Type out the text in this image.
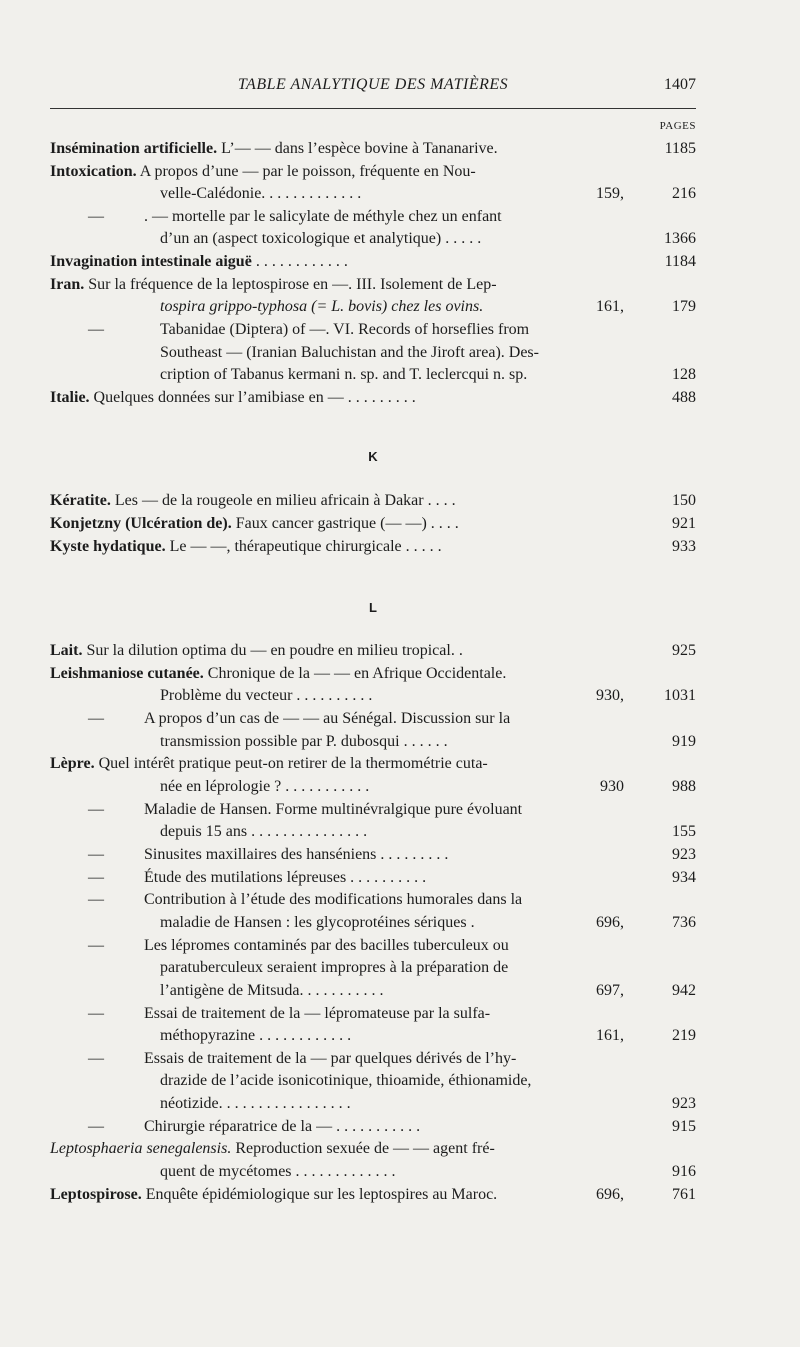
TABLE ANALYTIQUE DES MATIÈRES	1407
PAGES
Insémination artificielle. L’— — dans l’espèce bovine à Tananarive.	1185
Intoxication. A propos d’une — par le poisson, fréquente en Nou-
velle-Calédonie. . . . . . . . . . . . .	159,	216
—	. — mortelle par le salicylate de méthyle chez un enfant
d’un an (aspect toxicologique et analytique) . . . . .	1366
Invagination intestinale aiguë . . . . . . . . . . . .	1184
Iran. Sur la fréquence de la leptospirose en —. III. Isolement de Lep-
tospira grippo-typhosa (= L. bovis) chez les ovins.	161,	179
—	Tabanidae (Diptera) of —. VI. Records of horseflies from
Southeast — (Iranian Baluchistan and the Jiroft area). Des-
cription of Tabanus kermani n. sp. and T. leclercqui n. sp.	128
Italie. Quelques données sur l’amibiase en — . . . . . . . . .	488
K
Kératite. Les — de la rougeole en milieu africain à Dakar . . . .	150
Konjetzny (Ulcération de). Faux cancer gastrique (— —) . . . .	921
Kyste hydatique. Le — —, thérapeutique chirurgicale . . . . .	933
L
Lait. Sur la dilution optima du — en poudre en milieu tropical. .	925
Leishmaniose cutanée. Chronique de la — — en Afrique Occidentale.
Problème du vecteur . . . . . . . . . .	930,	1031
—	A propos d’un cas de — — au Sénégal. Discussion sur la
transmission possible par P. dubosqui . . . . . .	919
Lèpre. Quel intérêt pratique peut-on retirer de la thermométrie cuta-
née en léprologie ? . . . . . . . . . . .	930	988
—	Maladie de Hansen. Forme multinévralgique pure évoluant
depuis 15 ans . . . . . . . . . . . . . . .	155
—	Sinusites maxillaires des hanséniens . . . . . . . . .	923
—	Étude des mutilations lépreuses . . . . . . . . . .	934
—	Contribution à l’étude des modifications humorales dans la
maladie de Hansen : les glycoprotéines sériques .	696,	736
—	Les lépromes contaminés par des bacilles tuberculeux ou
paratuberculeux seraient impropres à la préparation de
l’antigène de Mitsuda. . . . . . . . . . .	697,	942
—	Essai de traitement de la — lépromateuse par la sulfa-
méthopyrazine . . . . . . . . . . . .	161,	219
—	Essais de traitement de la — par quelques dérivés de l’hy-
drazide de l’acide isonicotinique, thioamide, éthionamide,
néotizide. . . . . . . . . . . . . . . . .	923
—	Chirurgie réparatrice de la — . . . . . . . . . . .	915
Leptosphaeria senegalensis. Reproduction sexuée de — — agent fré-
quent de mycétomes . . . . . . . . . . . . .	916
Leptospirose. Enquête épidémiologique sur les leptospires au Maroc.	696,	761
